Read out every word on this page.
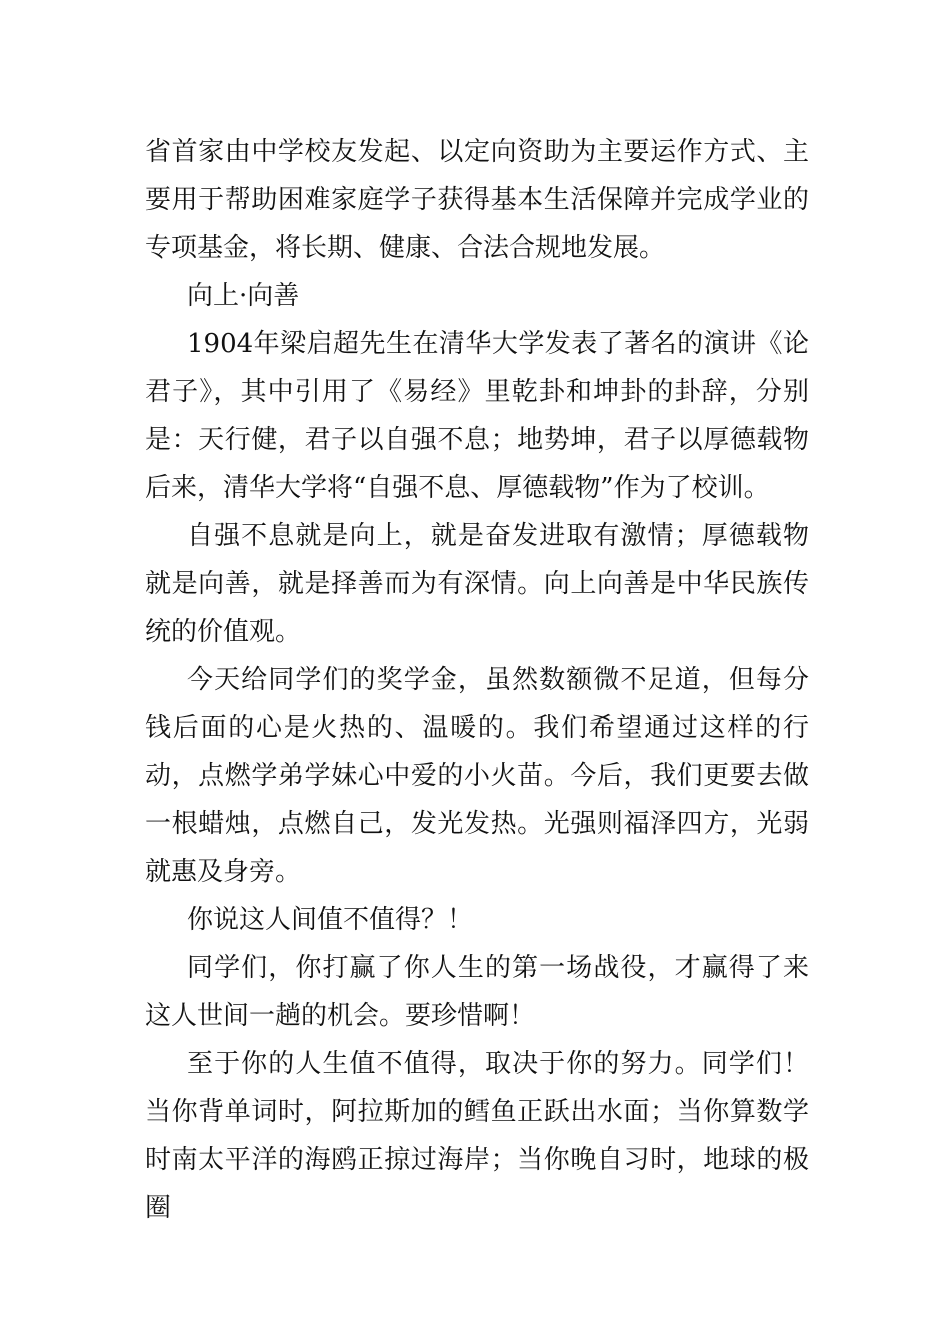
省首家由中学校友发起、以定向资助为主要运作方式、主要用于帮助困难家庭学子获得基本生活保障并完成学业的专项基金，将长期、健康、合法合规地发展。

向上·向善

1904年梁启超先生在清华大学发表了著名的演讲《论君子》，其中引用了《易经》里乾卦和坤卦的卦辞，分别是：天行健，君子以自强不息；地势坤，君子以厚德载物后来，清华大学将“自强不息、厚德载物”作为了校训。

自强不息就是向上，就是奋发进取有激情；厚德载物就是向善，就是择善而为有深情。向上向善是中华民族传统的价值观。

今天给同学们的奖学金，虽然数额微不足道，但每分钱后面的心是火热的、温暖的。我们希望通过这样的行动，点燃学弟学妹心中爱的小火苗。今后，我们更要去做一根蜡烛，点燃自己，发光发热。光强则福泽四方，光弱就惠及身旁。

你说这人间值不值得？！

同学们，你打赢了你人生的第一场战役，才赢得了来这人世间一趟的机会。要珍惜啊！

至于你的人生值不值得，取决于你的努力。同学们！当你背单词时，阿拉斯加的鳕鱼正跃出水面；当你算数学时南太平洋的海鸥正掠过海岸；当你晚自习时，地球的极圈
